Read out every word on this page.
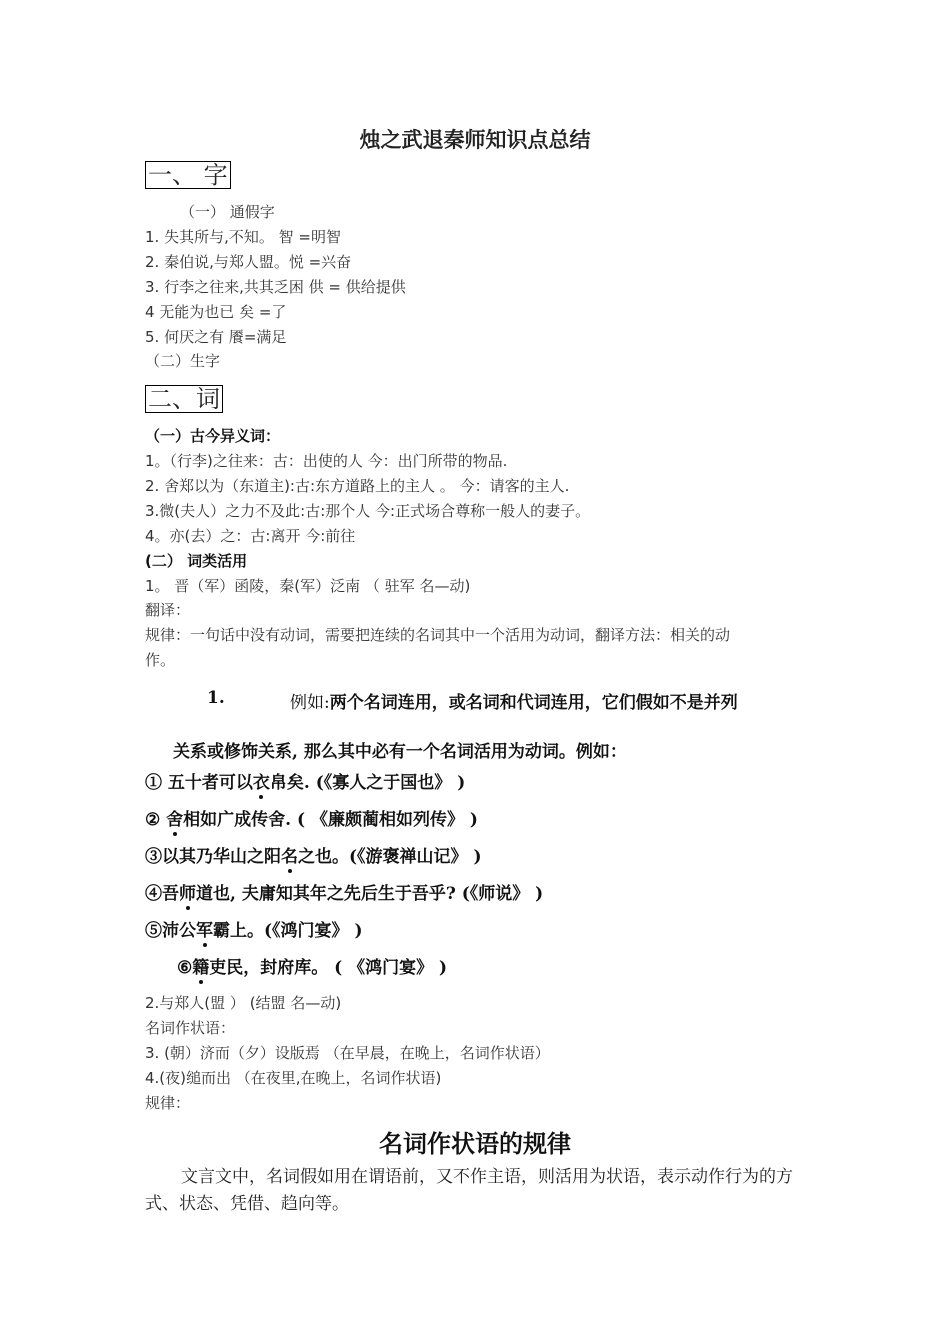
烛之武退秦师知识点总结
一、 字
（一） 通假字
1. 失其所与,不知。 智 =明智
2. 秦伯说,与郑人盟。悦 =兴奋
3. 行李之往来,共其乏困 供 = 供给提供
4 无能为也已 矣 =了
5. 何厌之有 餍=满足
（二）生字
二、词
（一）古今异义词：
1。（行李)之往来：古：出使的人 今：出门所带的物品.
2. 舍郑以为（东道主):古:东方道路上的主人 。 今：请客的主人.
3.微(夫人）之力不及此:古:那个人 今:正式场合尊称一般人的妻子。
4。亦(去）之：古:离开 今:前往
(二） 词类活用
1。 晋（军）函陵，秦(军）泛南 （ 驻军 名—动)
翻译：
规律：一句话中没有动词，需要把连续的名词其中一个活用为动词，翻译方法：相关的动
作。
1.	例如:两个名词连用，或名词和代词连用，它们假如不是并列
关系或修饰关系, 那么其中必有一个名词活用为动词。例如：
① 五十者可以衣帛矣. (《寡人之于国也》 )
② 舍相如广成传舍. ( 《廉颇蔺相如列传》 )
③以其乃华山之阳名之也。(《游褒禅山记》 )
④吾师道也, 夫庸知其年之先后生于吾乎? (《师说》 )
⑤沛公军霸上。(《鸿门宴》 )
⑥籍吏民，封府库。 ( 《鸿门宴》 )
2.与郑人(盟 ） (结盟 名—动)
名词作状语：
3. (朝）济而（夕）设版焉 （在早晨，在晚上，名词作状语）
4.(夜)缒而出 （在夜里,在晚上，名词作状语)
规律：
名词作状语的规律
文言文中，名词假如用在谓语前，又不作主语，则活用为状语，表示动作行为的方式、状态、凭借、趋向等。
